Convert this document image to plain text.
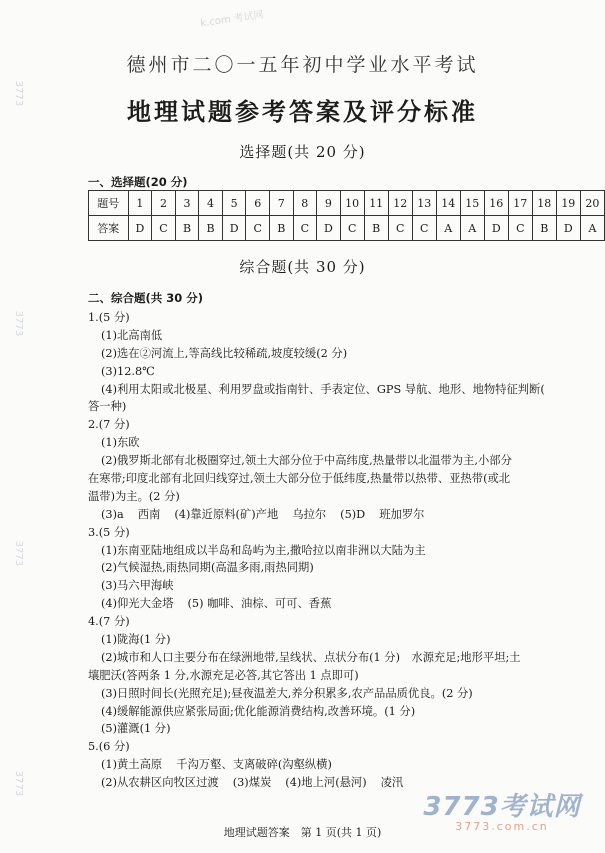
k.com 考试网
3773
3773
3773
3773
德州市二〇一五年初中学业水平考试
地理试题参考答案及评分标准
选择题(共 20 分)
一、选择题(20 分)
题号	1	2	3	4	5	6	7	8	9	10	11	12	13	14	15	16	17	18	19	20
答案	D	C	B	B	D	C	B	C	D	C	B	C	C	A	A	D	C	B	D	A
综合题(共 30 分)
二、综合题(共 30 分)
1.(5 分)
(1)北高南低
(2)选在②河流上,等高线比较稀疏,坡度较缓(2 分)
(3)12.8℃
(4)利用太阳或北极星、利用罗盘或指南针、手表定位、GPS 导航、地形、地物特征判断(
答一种)
2.(7 分)
(1)东欧
(2)俄罗斯北部有北极圈穿过,领土大部分位于中高纬度,热量带以北温带为主,小部分
在寒带;印度北部有北回归线穿过,领土大部分位于低纬度,热量带以热带、亚热带(或北
温带)为主。(2 分)
(3)a 西南 (4)靠近原料(矿)产地 乌拉尔 (5)D 班加罗尔
3.(5 分)
(1)东南亚陆地组成以半岛和岛屿为主,撒哈拉以南非洲以大陆为主
(2)气候湿热,雨热同期(高温多雨,雨热同期)
(3)马六甲海峡
(4)仰光大金塔 (5) 咖啡、油棕、可可、香蕉
4.(7 分)
(1)陇海(1 分)
(2)城市和人口主要分布在绿洲地带,呈线状、点状分布(1 分)　水源充足;地形平坦;土
壤肥沃(答两条 1 分,水源充足必答,其它答出 1 点即可)
(3)日照时间长(光照充足);昼夜温差大,养分积累多,农产品品质优良。(2 分)
(4)缓解能源供应紧张局面;优化能源消费结构,改善环境。(1 分)
(5)灌溉(1 分)
5.(6 分)
(1)黄土高原 千沟万壑、支离破碎(沟壑纵横)
(2)从农耕区向牧区过渡 (3)煤炭 (4)地上河(悬河) 凌汛
地理试题答案　第 1 页(共 1 页)
3773考试网
3773.com.cn
